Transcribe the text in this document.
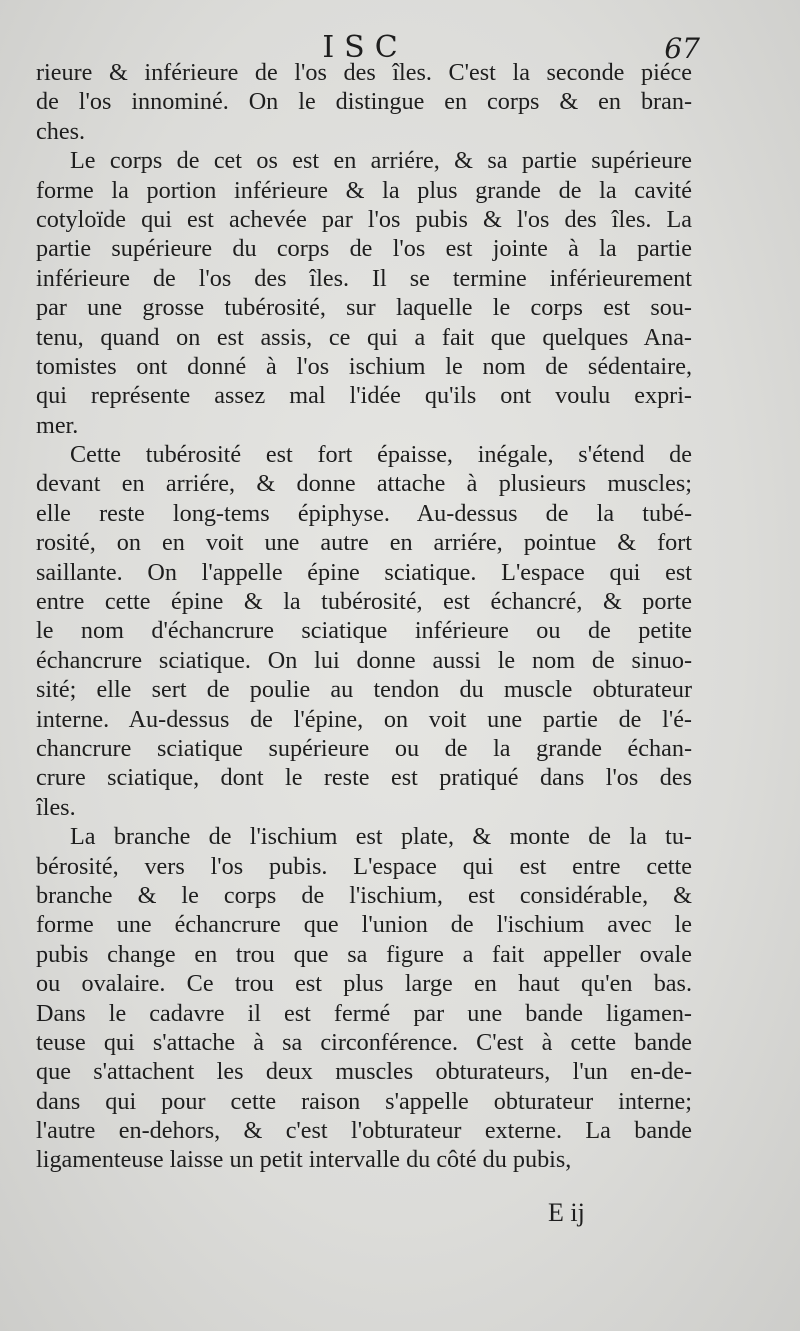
ISC	67
rieure & inférieure de l'os des îles. C'est la seconde piéce
de l'os innominé. On le distingue en corps & en bran-
ches.
Le corps de cet os est en arriére, & sa partie supérieure
forme la portion inférieure & la plus grande de la cavité
cotyloïde qui est achevée par l'os pubis & l'os des îles. La
partie supérieure du corps de l'os est jointe à la partie
inférieure de l'os des îles. Il se termine inférieurement
par une grosse tubérosité, sur laquelle le corps est sou-
tenu, quand on est assis, ce qui a fait que quelques Ana-
tomistes ont donné à l'os ischium le nom de sédentaire,
qui représente assez mal l'idée qu'ils ont voulu expri-
mer.
Cette tubérosité est fort épaisse, inégale, s'étend de
devant en arriére, & donne attache à plusieurs muscles;
elle reste long-tems épiphyse. Au-dessus de la tubé-
rosité, on en voit une autre en arriére, pointue & fort
saillante. On l'appelle épine sciatique. L'espace qui est
entre cette épine & la tubérosité, est échancré, & porte
le nom d'échancrure sciatique inférieure ou de petite
échancrure sciatique. On lui donne aussi le nom de sinuo-
sité; elle sert de poulie au tendon du muscle obturateur
interne. Au-dessus de l'épine, on voit une partie de l'é-
chancrure sciatique supérieure ou de la grande échan-
crure sciatique, dont le reste est pratiqué dans l'os des
îles.
La branche de l'ischium est plate, & monte de la tu-
bérosité, vers l'os pubis. L'espace qui est entre cette
branche & le corps de l'ischium, est considérable, &
forme une échancrure que l'union de l'ischium avec le
pubis change en trou que sa figure a fait appeller ovale
ou ovalaire. Ce trou est plus large en haut qu'en bas.
Dans le cadavre il est fermé par une bande ligamen-
teuse qui s'attache à sa circonférence. C'est à cette bande
que s'attachent les deux muscles obturateurs, l'un en-de-
dans qui pour cette raison s'appelle obturateur interne;
l'autre en-dehors, & c'est l'obturateur externe. La bande
ligamenteuse laisse un petit intervalle du côté du pubis,
E ij
